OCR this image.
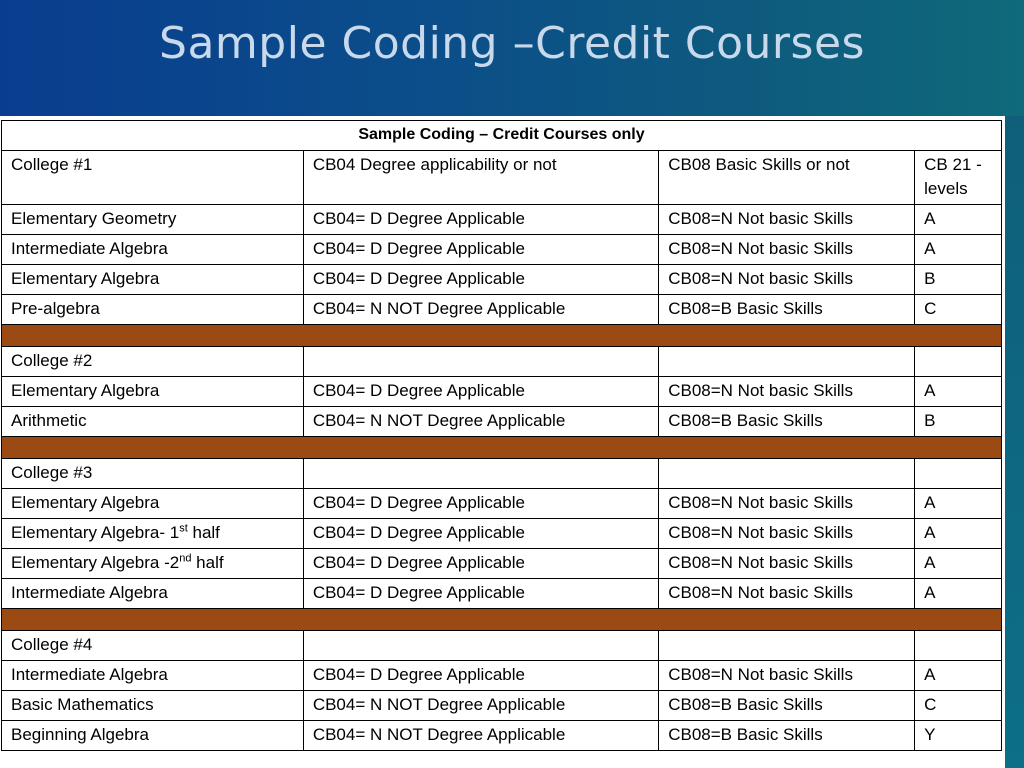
Sample Coding –Credit Courses
Sample Coding – Credit Courses only			
College #1	CB04 Degree applicability or not	CB08 Basic Skills or not	CB 21 - levels
Elementary Geometry	CB04= D Degree Applicable	CB08=N Not basic Skills	A
Intermediate Algebra	CB04= D Degree Applicable	CB08=N Not basic Skills	A
Elementary Algebra	CB04= D Degree Applicable	CB08=N Not basic Skills	B
Pre-algebra	CB04= N NOT Degree Applicable	CB08=B Basic Skills	C

College #2			
Elementary Algebra	CB04= D Degree Applicable	CB08=N Not basic Skills	A
Arithmetic	CB04= N NOT Degree Applicable	CB08=B Basic Skills	B

College #3			
Elementary Algebra	CB04= D Degree Applicable	CB08=N Not basic Skills	A
Elementary Algebra- 1st half	CB04= D Degree Applicable	CB08=N Not basic Skills	A
Elementary Algebra -2nd half	CB04= D Degree Applicable	CB08=N Not basic Skills	A
Intermediate Algebra	CB04= D Degree Applicable	CB08=N Not basic Skills	A

College #4			
Intermediate Algebra	CB04= D Degree Applicable	CB08=N Not basic Skills	A
Basic Mathematics	CB04= N NOT Degree Applicable	CB08=B Basic Skills	C
Beginning Algebra	CB04= N NOT Degree Applicable	CB08=B Basic Skills	Y
